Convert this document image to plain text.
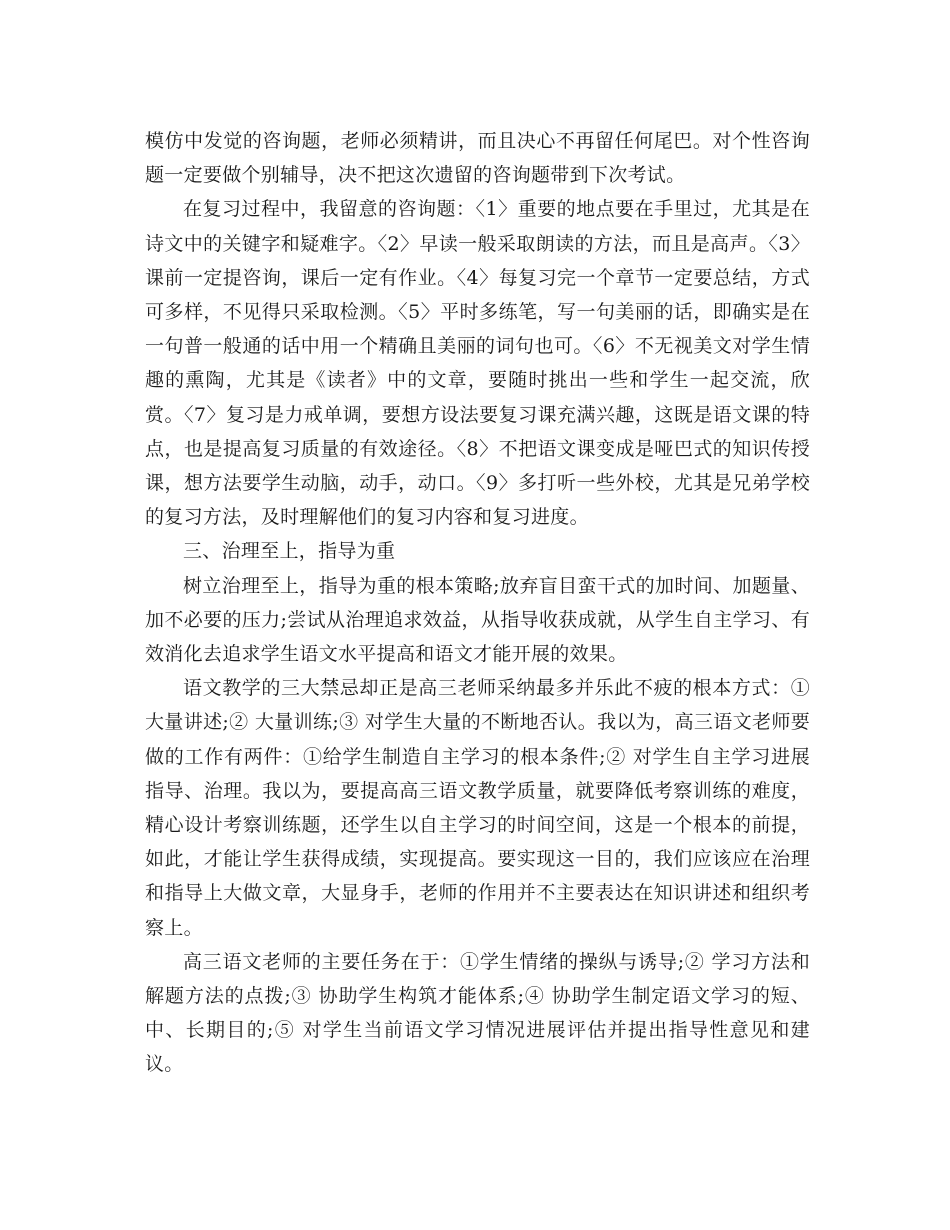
模仿中发觉的咨询题，老师必须精讲，而且决心不再留任何尾巴。对个性咨询题一定要做个别辅导，决不把这次遗留的咨询题带到下次考试。

在复习过程中，我留意的咨询题：〈1〉重要的地点要在手里过，尤其是在诗文中的关键字和疑难字。〈2〉早读一般采取朗读的方法，而且是高声。〈3〉课前一定提咨询，课后一定有作业。〈4〉每复习完一个章节一定要总结，方式可多样，不见得只采取检测。〈5〉平时多练笔，写一句美丽的话，即确实是在一句普一般通的话中用一个精确且美丽的词句也可。〈6〉不无视美文对学生情趣的熏陶，尤其是《读者》中的文章，要随时挑出一些和学生一起交流，欣赏。〈7〉复习是力戒单调，要想方设法要复习课充满兴趣，这既是语文课的特点，也是提高复习质量的有效途径。〈8〉不把语文课变成是哑巴式的知识传授课，想方法要学生动脑，动手，动口。〈9〉多打听一些外校，尤其是兄弟学校的复习方法，及时理解他们的复习内容和复习进度。

三、治理至上，指导为重

树立治理至上，指导为重的根本策略;放弃盲目蛮干式的加时间、加题量、加不必要的压力;尝试从治理追求效益，从指导收获成就，从学生自主学习、有效消化去追求学生语文水平提高和语文才能开展的效果。

语文教学的三大禁忌却正是高三老师采纳最多并乐此不疲的根本方式：①大量讲述;② 大量训练;③ 对学生大量的不断地否认。我以为，高三语文老师要做的工作有两件：①给学生制造自主学习的根本条件;② 对学生自主学习进展指导、治理。我以为，要提高高三语文教学质量，就要降低考察训练的难度，精心设计考察训练题，还学生以自主学习的时间空间，这是一个根本的前提，如此，才能让学生获得成绩，实现提高。要实现这一目的，我们应该应在治理和指导上大做文章，大显身手，老师的作用并不主要表达在知识讲述和组织考察上。

高三语文老师的主要任务在于：①学生情绪的操纵与诱导;② 学习方法和解题方法的点拨;③ 协助学生构筑才能体系;④ 协助学生制定语文学习的短、中、长期目的;⑤ 对学生当前语文学习情况进展评估并提出指导性意见和建议。
